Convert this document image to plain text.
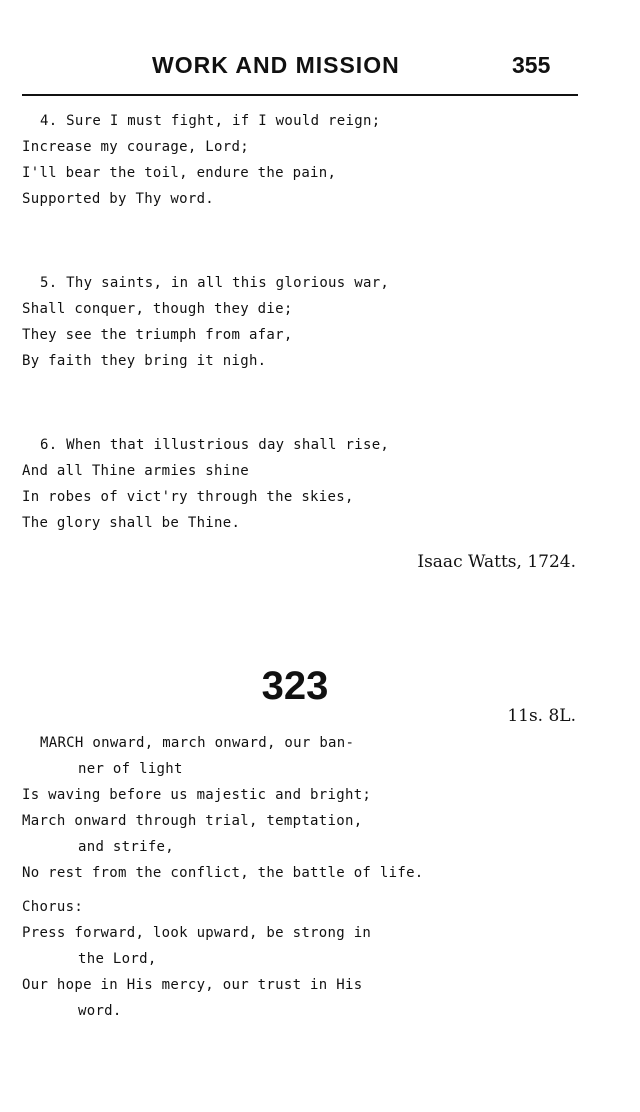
WORK AND MISSION	355
4. Sure I must fight, if I would reign;
Increase my courage, Lord;
I'll bear the toil, endure the pain,
Supported by Thy word.
5. Thy saints, in all this glorious war,
Shall conquer, though they die;
They see the triumph from afar,
By faith they bring it nigh.
6. When that illustrious day shall rise,
And all Thine armies shine
In robes of vict'ry through the skies,
The glory shall be Thine.
Isaac Watts, 1724.
323
11s. 8L.
MARCH onward, march onward, our ban-
ner of light
Is waving before us majestic and bright;
March onward through trial, temptation,
and strife,
No rest from the conflict, the battle of life.
Chorus:
Press forward, look upward, be strong in
the Lord,
Our hope in His mercy, our trust in His
word.
